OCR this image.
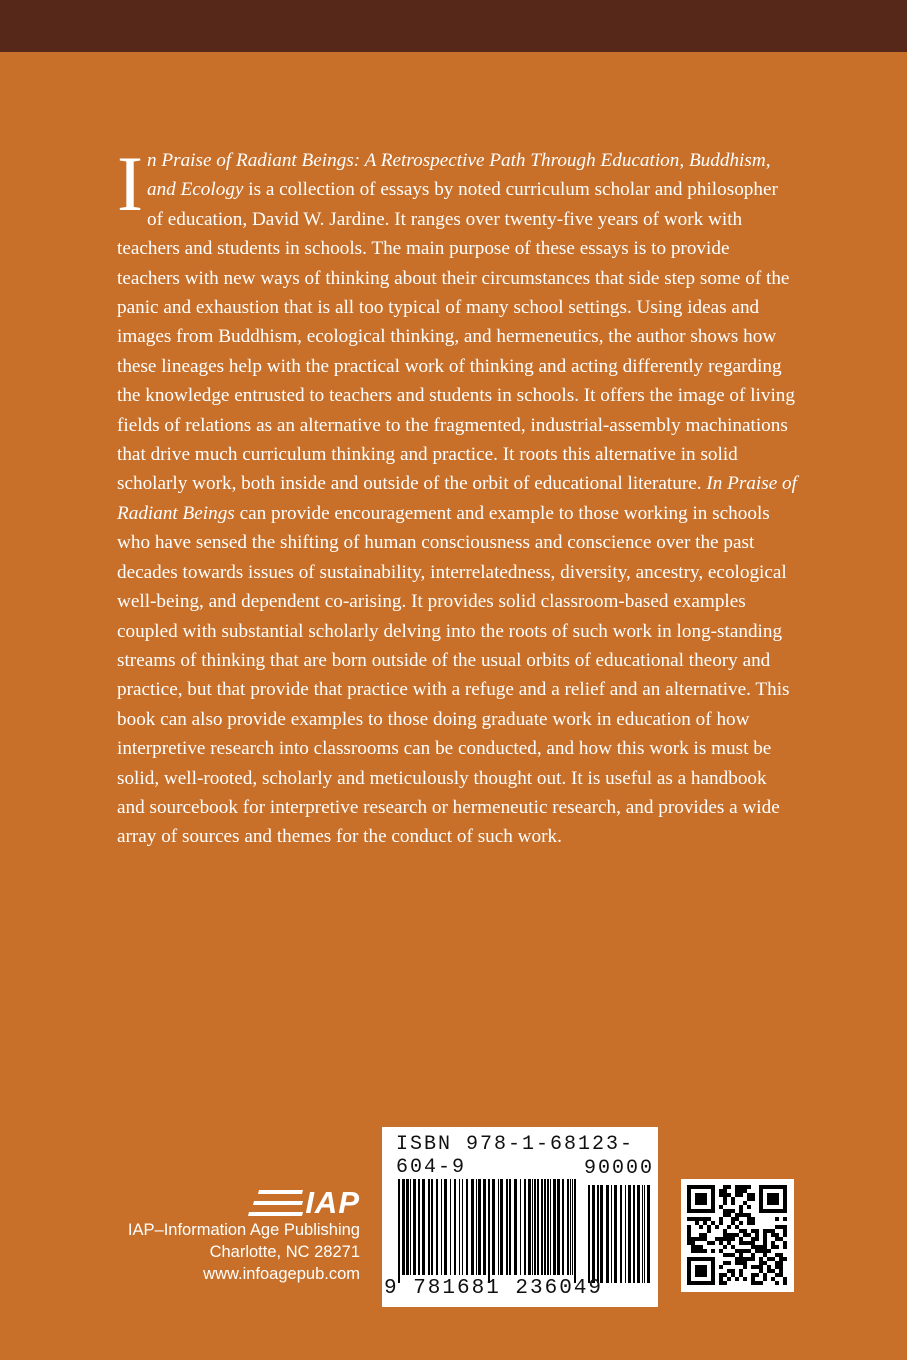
In Praise of Radiant Beings: A Retrospective Path Through Education, Buddhism, and Ecology is a collection of essays by noted curriculum scholar and philosopher of education, David W. Jardine. It ranges over twenty-five years of work with teachers and students in schools. The main purpose of these essays is to provide teachers with new ways of thinking about their circumstances that side step some of the panic and exhaustion that is all too typical of many school settings. Using ideas and images from Buddhism, ecological thinking, and hermeneutics, the author shows how these lineages help with the practical work of thinking and acting differently regarding the knowledge entrusted to teachers and students in schools. It offers the image of living fields of relations as an alternative to the fragmented, industrial-assembly machinations that drive much curriculum thinking and practice. It roots this alternative in solid scholarly work, both inside and outside of the orbit of educational literature. In Praise of Radiant Beings can provide encouragement and example to those working in schools who have sensed the shifting of human consciousness and conscience over the past decades towards issues of sustainability, interrelatedness, diversity, ancestry, ecological well-being, and dependent co-arising. It provides solid classroom-based examples coupled with substantial scholarly delving into the roots of such work in long-standing streams of thinking that are born outside of the usual orbits of educational theory and practice, but that provide that practice with a refuge and a relief and an alternative. This book can also provide examples to those doing graduate work in education of how interpretive research into classrooms can be conducted, and how this work is must be solid, well-rooted, scholarly and meticulously thought out. It is useful as a handbook and sourcebook for interpretive research or hermeneutic research, and provides a wide array of sources and themes for the conduct of such work.

IAP
IAP–Information Age Publishing
Charlotte, NC 28271
www.infoagepub.com
ISBN 978-1-68123-604-9	90000
9 781681 236049
